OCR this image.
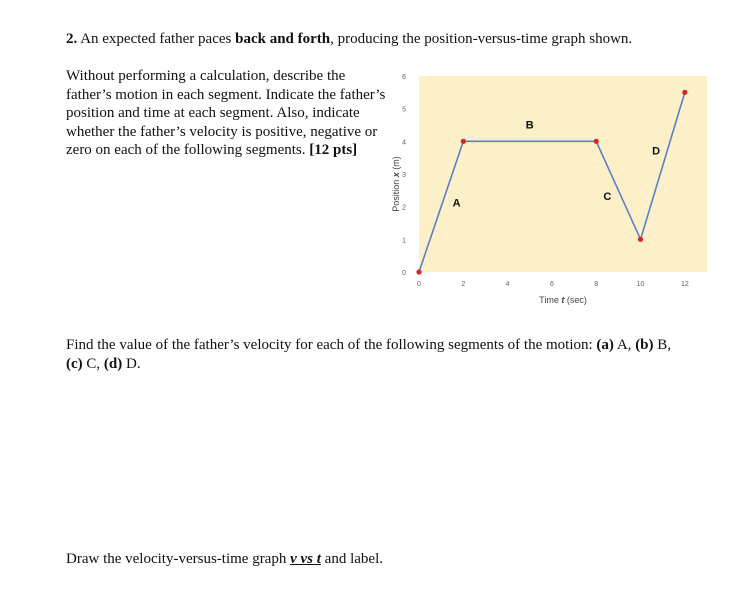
2. An expected father paces back and forth, producing the position-versus-time graph shown.
Without performing a calculation, describe the father’s motion in each segment. Indicate the father’s position and time at each segment. Also, indicate whether the father’s velocity is positive, negative or zero on each of the following segments. [12 pts]
0
1
2
3
4
5
6
0	2	4	6	8	10	12
Time t (sec)
Position x (m)
A
B
C
D
Find the value of the father’s velocity for each of the following segments of the motion: (a) A, (b) B, (c) C, (d) D.
Draw the velocity-versus-time graph v vs t and label.
